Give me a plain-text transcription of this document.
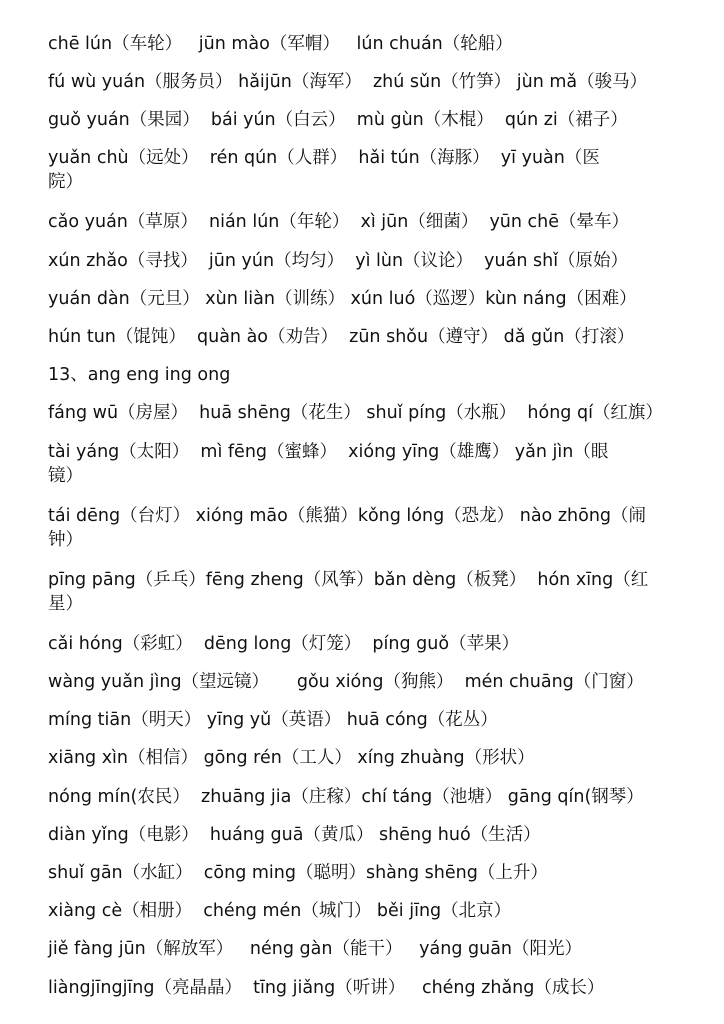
chē lún（车轮）   jūn mào（军帽）   lún chuán（轮船）
fú wù yuán（服务员） hǎijūn（海军）  zhú sǔn（竹笋） jùn mǎ（骏马）
guǒ yuán（果园）  bái yún（白云）  mù gùn（木棍）  qún zi（裙子）
yuǎn chù（远处）  rén qún（人群）  hǎi tún（海豚）  yī yuàn（医
院）
cǎo yuán（草原）  nián lún（年轮）  xì jūn（细菌）  yūn chē（晕车）
xún zhǎo（寻找）  jūn yún（均匀）  yì lùn（议论）  yuán shǐ（原始）
yuán dàn（元旦） xùn liàn（训练） xún luó（巡逻）kùn náng（困难）
hún tun（馄饨）  quàn ào（劝告）  zūn shǒu（遵守） dǎ gǔn（打滚）
13、ang eng ing ong
fáng wū（房屋）  huā shēng（花生） shuǐ píng（水瓶）  hóng qí（红旗）
tài yáng（太阳）  mì fēng（蜜蜂）  xióng yīng（雄鹰） yǎn jìn（眼
镜）
tái dēng（台灯） xióng māo（熊猫）kǒng lóng（恐龙） nào zhōng（闹
钟）
pīng pāng（乒乓）fēng zheng（风筝）bǎn dèng（板凳）  hón xīng（红
星）
cǎi hóng（彩虹）  dēng long（灯笼）  píng guǒ（苹果）
wàng yuǎn jìng（望远镜）     gǒu xióng（狗熊）  mén chuāng（门窗）
míng tiān（明天） yīng yǔ（英语） huā cóng（花丛）
xiāng xìn（相信） gōng rén（工人） xíng zhuàng（形状）
nóng mín(农民）  zhuāng jia（庄稼）chí táng（池塘） gāng qín(钢琴）
diàn yǐng（电影）  huáng guā（黄瓜） shēng huó（生活）
shuǐ gān（水缸）  cōng ming（聪明）shàng shēng（上升）
xiàng cè（相册）  chéng mén（城门） běi jīng（北京）
jiě fàng jūn（解放军）   néng gàn（能干）   yáng guān（阳光）
liàngjīngjīng（亮晶晶）  tīng jiǎng（听讲）   chéng zhǎng（成长）
